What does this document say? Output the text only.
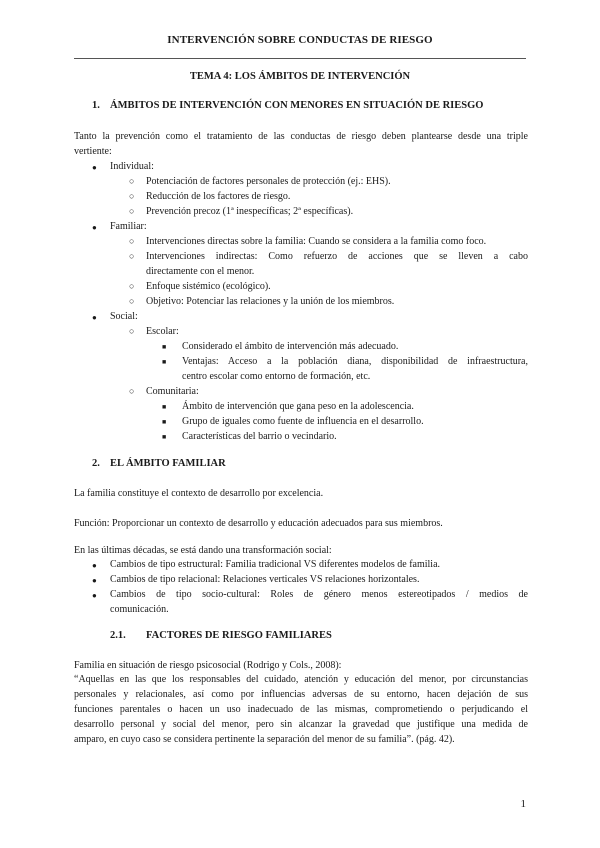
INTERVENCIÓN SOBRE CONDUCTAS DE RIESGO
TEMA 4: LOS ÁMBITOS DE INTERVENCIÓN
1. ÁMBITOS DE INTERVENCIÓN CON MENORES EN SITUACIÓN DE RIESGO
Tanto la prevención como el tratamiento de las conductas de riesgo deben plantearse desde una triple
vertiente:
● Individual:
○ Potenciación de factores personales de protección (ej.: EHS).
○ Reducción de los factores de riesgo.
○ Prevención precoz (1ª inespecíficas; 2ª específicas).
● Familiar:
○ Intervenciones directas sobre la familia: Cuando se considera a la familia como foco.
○ Intervenciones indirectas: Como refuerzo de acciones que se lleven a cabo
directamente con el menor.
○ Enfoque sistémico (ecológico).
○ Objetivo: Potenciar las relaciones y la unión de los miembros.
● Social:
○ Escolar:
■ Considerado el ámbito de intervención más adecuado.
■ Ventajas: Acceso a la población diana, disponibilidad de infraestructura,
centro escolar como entorno de formación, etc.
○ Comunitaria:
■ Ámbito de intervención que gana peso en la adolescencia.
■ Grupo de iguales como fuente de influencia en el desarrollo.
■ Características del barrio o vecindario.
2. EL ÁMBITO FAMILIAR
La familia constituye el contexto de desarrollo por excelencia.
Función: Proporcionar un contexto de desarrollo y educación adecuados para sus miembros.
En las últimas décadas, se está dando una transformación social:
● Cambios de tipo estructural: Familia tradicional VS diferentes modelos de familia.
● Cambios de tipo relacional: Relaciones verticales VS relaciones horizontales.
● Cambios de tipo socio-cultural: Roles de género menos estereotipados / medios de
comunicación.
2.1. FACTORES DE RIESGO FAMILIARES
Familia en situación de riesgo psicosocial (Rodrigo y Cols., 2008):
“Aquellas en las que los responsables del cuidado, atención y educación del menor, por circunstancias
personales y relacionales, así como por influencias adversas de su entorno, hacen dejación de sus
funciones parentales o hacen un uso inadecuado de las mismas, comprometiendo o perjudicando el
desarrollo personal y social del menor, pero sin alcanzar la gravedad que justifique una medida de
amparo, en cuyo caso se considera pertinente la separación del menor de su familia”. (pág. 42).
1
